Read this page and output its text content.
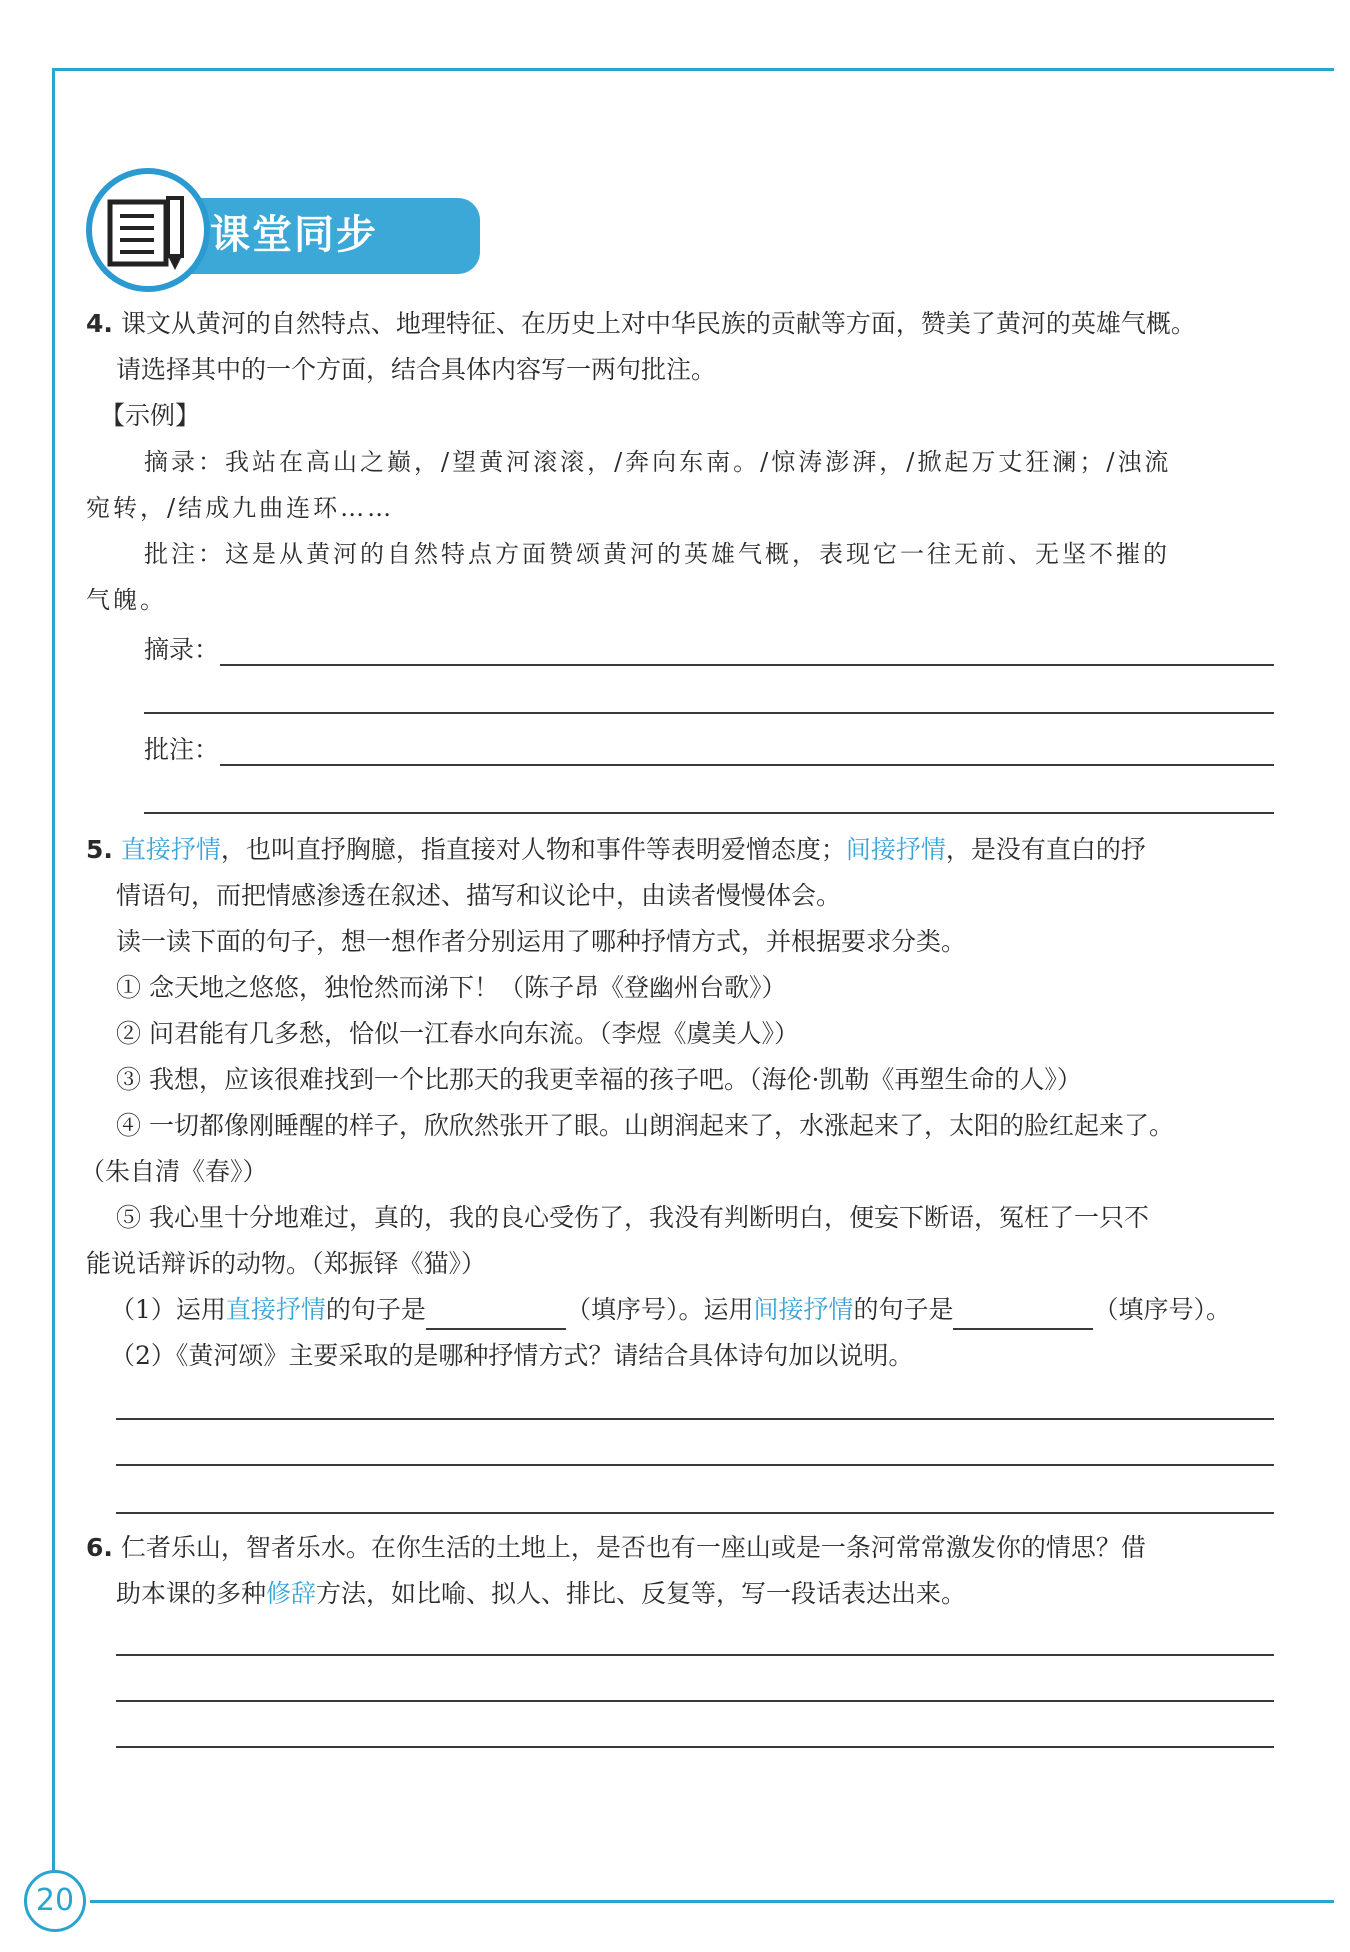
课堂同步
4. 课文从黄河的自然特点、地理特征、在历史上对中华民族的贡献等方面，赞美了黄河的英雄气概。
请选择其中的一个方面，结合具体内容写一两句批注。
【示例】
摘录：我站在高山之巅，/望黄河滚滚，/奔向东南。/惊涛澎湃，/掀起万丈狂澜；/浊流
宛转，/结成九曲连环……
批注：这是从黄河的自然特点方面赞颂黄河的英雄气概，表现它一往无前、无坚不摧的
气魄。
摘录：
批注：
5. 直接抒情，也叫直抒胸臆，指直接对人物和事件等表明爱憎态度；间接抒情，是没有直白的抒
情语句，而把情感渗透在叙述、描写和议论中，由读者慢慢体会。
读一读下面的句子，想一想作者分别运用了哪种抒情方式，并根据要求分类。
① 念天地之悠悠，独怆然而涕下！（陈子昂《登幽州台歌》）
② 问君能有几多愁，恰似一江春水向东流。（李煜《虞美人》）
③ 我想，应该很难找到一个比那天的我更幸福的孩子吧。（海伦·凯勒《再塑生命的人》）
④ 一切都像刚睡醒的样子，欣欣然张开了眼。山朗润起来了，水涨起来了，太阳的脸红起来了。
（朱自清《春》）
⑤ 我心里十分地难过，真的，我的良心受伤了，我没有判断明白，便妄下断语，冤枉了一只不
能说话辩诉的动物。（郑振铎《猫》）
（1）运用直接抒情的句子是	（填序号）。运用间接抒情的句子是	（填序号）。
（2）《黄河颂》主要采取的是哪种抒情方式？请结合具体诗句加以说明。
6. 仁者乐山，智者乐水。在你生活的土地上，是否也有一座山或是一条河常常激发你的情思？借
助本课的多种修辞方法，如比喻、拟人、排比、反复等，写一段话表达出来。
20
